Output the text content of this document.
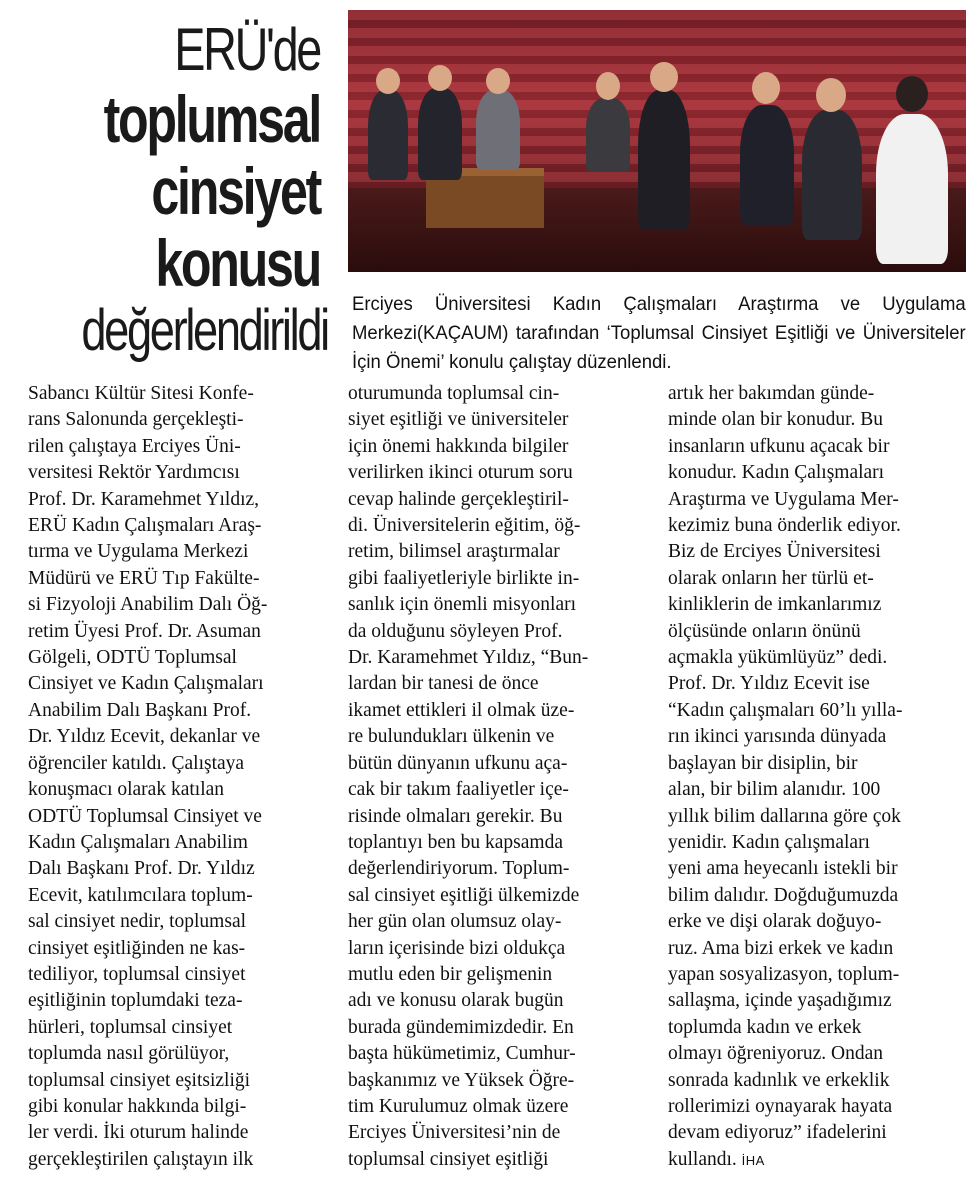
ERÜ'de
toplumsal
cinsiyet
konusu
değerlendirildi Erciyes Üniversitesi Kadın Çalışmaları Araştırma ve Uygulama Merkezi(KAÇAUM) tarafından ‘Toplumsal Cinsiyet Eşitliği ve Üniversiteler İçin Önemi’ konulu çalıştay düzenlendi.

Sabancı Kültür Sitesi Konfe-
rans Salonunda gerçekleşti-
rilen çalıştaya Erciyes Üni-
versitesi Rektör Yardımcısı
Prof. Dr. Karamehmet Yıldız,
ERÜ Kadın Çalışmaları Araş-
tırma ve Uygulama Merkezi
Müdürü ve ERÜ Tıp Fakülte-
si Fizyoloji Anabilim Dalı Öğ-
retim Üyesi Prof. Dr. Asuman
Gölgeli, ODTÜ Toplumsal
Cinsiyet ve Kadın Çalışmaları
Anabilim Dalı Başkanı Prof.
Dr. Yıldız Ecevit, dekanlar ve
öğrenciler katıldı. Çalıştaya
konuşmacı olarak katılan
ODTÜ Toplumsal Cinsiyet ve
Kadın Çalışmaları Anabilim
Dalı Başkanı Prof. Dr. Yıldız
Ecevit, katılımcılara toplum-
sal cinsiyet nedir, toplumsal
cinsiyet eşitliğinden ne kas-
tediliyor, toplumsal cinsiyet
eşitliğinin toplumdaki teza-
hürleri, toplumsal cinsiyet
toplumda nasıl görülüyor,
toplumsal cinsiyet eşitsizliği
gibi konular hakkında bilgi-
ler verdi. İki oturum halinde
gerçekleştirilen çalıştayın ilk
oturumunda toplumsal cin-
siyet eşitliği ve üniversiteler
için önemi hakkında bilgiler
verilirken ikinci oturum soru
cevap halinde gerçekleştiril-
di. Üniversitelerin eğitim, öğ-
retim, bilimsel araştırmalar
gibi faaliyetleriyle birlikte in-
sanlık için önemli misyonları
da olduğunu söyleyen Prof.
Dr. Karamehmet Yıldız, “Bun-
lardan bir tanesi de önce
ikamet ettikleri il olmak üze-
re bulundukları ülkenin ve
bütün dünyanın ufkunu aça-
cak bir takım faaliyetler içe-
risinde olmaları gerekir. Bu
toplantıyı ben bu kapsamda
değerlendiriyorum. Toplum-
sal cinsiyet eşitliği ülkemizde
her gün olan olumsuz olay-
ların içerisinde bizi oldukça
mutlu eden bir gelişmenin
adı ve konusu olarak bugün
burada gündemimizdedir. En
başta hükümetimiz, Cumhur-
başkanımız ve Yüksek Öğre-
tim Kurulumuz olmak üzere
Erciyes Üniversitesi’nin de
toplumsal cinsiyet eşitliği
artık her bakımdan günde-
minde olan bir konudur. Bu
insanların ufkunu açacak bir
konudur. Kadın Çalışmaları
Araştırma ve Uygulama Mer-
kezimiz buna önderlik ediyor.
Biz de Erciyes Üniversitesi
olarak onların her türlü et-
kinliklerin de imkanlarımız
ölçüsünde onların önünü
açmakla yükümlüyüz” dedi.
Prof. Dr. Yıldız Ecevit ise
“Kadın çalışmaları 60’lı yılla-
rın ikinci yarısında dünyada
başlayan bir disiplin, bir
alan, bir bilim alanıdır. 100
yıllık bilim dallarına göre çok
yenidir. Kadın çalışmaları
yeni ama heyecanlı istekli bir
bilim dalıdır. Doğduğumuzda
erke ve dişi olarak doğuyo-
ruz. Ama bizi erkek ve kadın
yapan sosyalizasyon, toplum-
sallaşma, içinde yaşadığımız
toplumda kadın ve erkek
olmayı öğreniyoruz. Ondan
sonrada kadınlık ve erkeklik
rollerimizi oynayarak hayata
devam ediyoruz” ifadelerini
kullandı. İHA
